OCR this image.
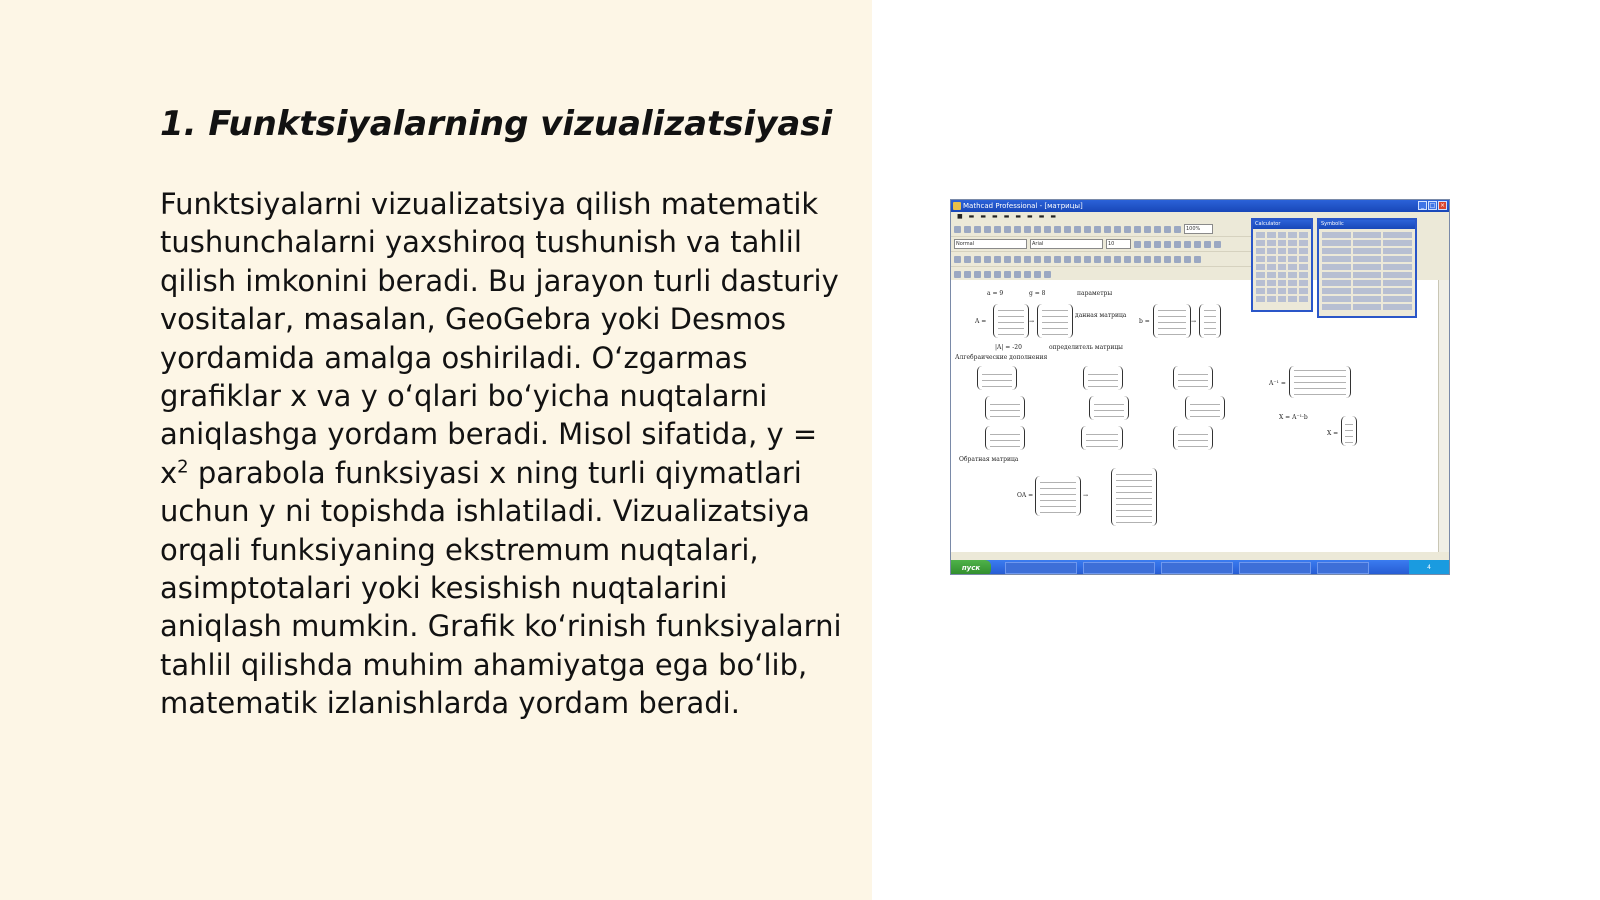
1. Funktsiyalarning vizualizatsiyasi

Funktsiyalarni vizualizatsiya qilish matematik tushunchalarni yaxshiroq tushunish va tahlil qilish imkonini beradi. Bu jarayon turli dasturiy vositalar, masalan, GeoGebra yoki Desmos yordamida amalga oshiriladi. O‘zgarmas grafiklar x va y o‘qlari bo‘yicha nuqtalarni aniqlashga yordam beradi. Misol sifatida, $y = x^2$ parabola funksiyasi x ning turli qiymatlari uchun y ni topishda ishlatiladi. Vizualizatsiya orqali funksiyaning ekstremum nuqtalari, asimptotalari yoki kesishish nuqtalarini aniqlash mumkin. Grafik ko‘rinish funksiyalarni tahlil qilishda muhim ahamiyatga ega bo‘lib, matematik izlanishlarda yordam beradi.

Mathcad Professional - [матрицы]	_ □ ×
■ ▬ ▬ ▬ ▬ ▬ ▬ ▬ ▬
100%
Normal	Arial	10
a = 9	g = 8	параметры
A =	→
данная матрица
b =	→
|A| = -20	определитель матрицы
Алгебраические дополнения
A⁻¹ =
X = A⁻¹·b
X =
Обратная матрица
OA =	→
Calculator	Symbolic
пуск	4
